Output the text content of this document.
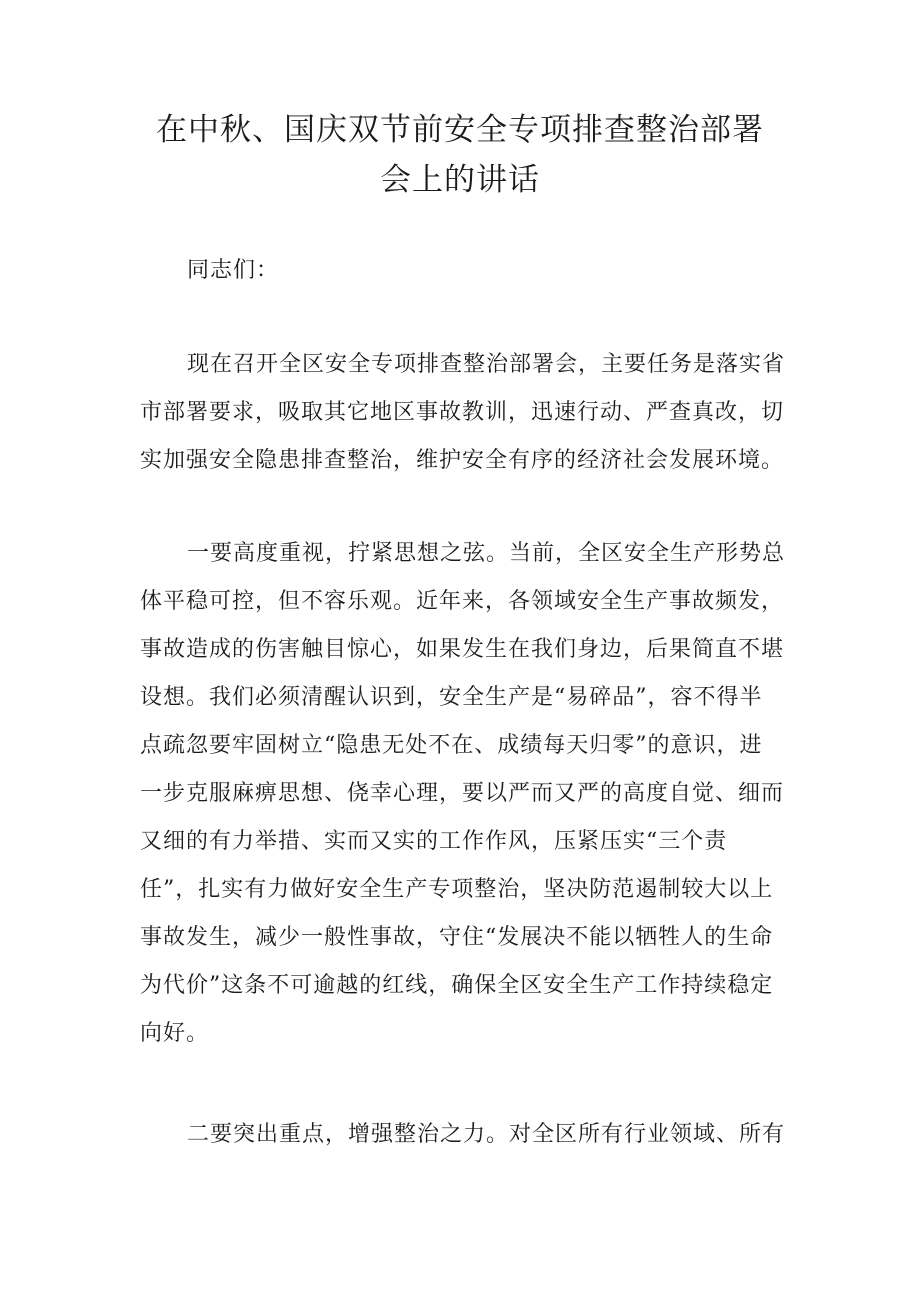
在中秋、国庆双节前安全专项排查整治部署
会上的讲话

同志们：

现在召开全区安全专项排查整治部署会，主要任务是落实省
市部署要求，吸取其它地区事故教训，迅速行动、严查真改，切
实加强安全隐患排查整治，维护安全有序的经济社会发展环境。

一要高度重视，拧紧思想之弦。当前，全区安全生产形势总
体平稳可控，但不容乐观。近年来，各领域安全生产事故频发，
事故造成的伤害触目惊心，如果发生在我们身边，后果简直不堪
设想。我们必须清醒认识到，安全生产是“易碎品”，容不得半
点疏忽要牢固树立“隐患无处不在、成绩每天归零”的意识，进
一步克服麻痹思想、侥幸心理，要以严而又严的高度自觉、细而
又细的有力举措、实而又实的工作作风，压紧压实“三个责
任”，扎实有力做好安全生产专项整治，坚决防范遏制较大以上
事故发生，减少一般性事故，守住“发展决不能以牺牲人的生命
为代价”这条不可逾越的红线，确保全区安全生产工作持续稳定
向好。

二要突出重点，增强整治之力。对全区所有行业领域、所有
